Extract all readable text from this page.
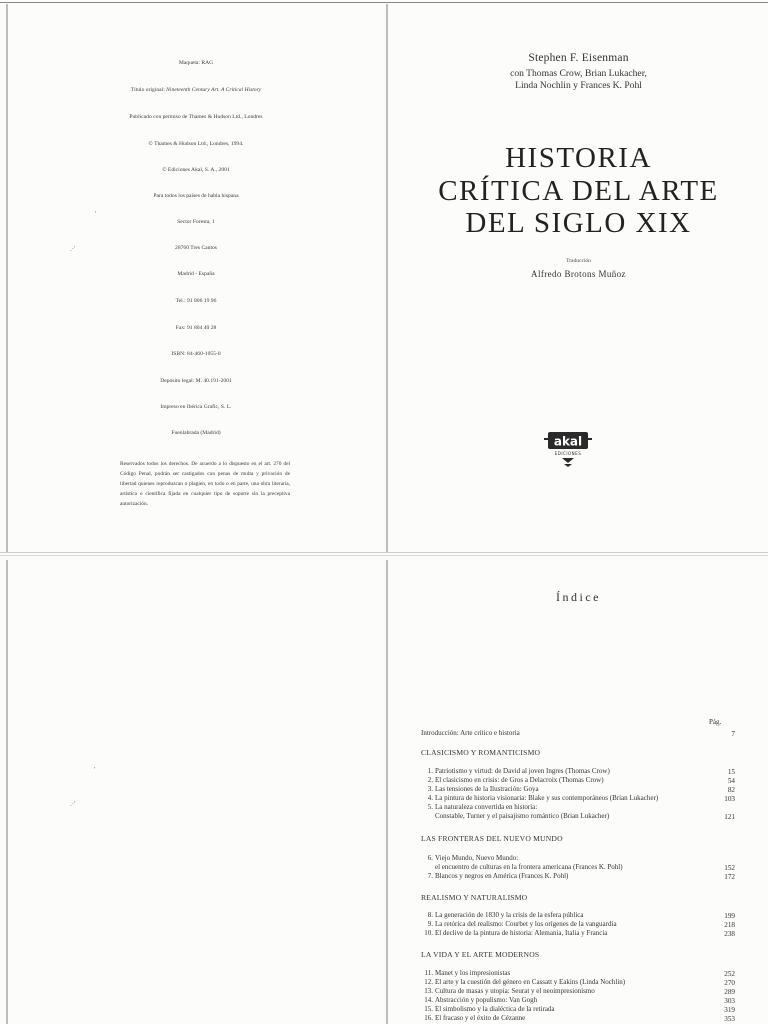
Maqueta: RAG
Título original: Nineteenth Century Art. A Critical History
Publicado con permiso de Thames & Hudson Ltd., Londres
© Thames & Hudson Ltd., Londres, 1994.
© Ediciones Akal, S. A., 2001
Para todos los países de habla hispana
Sector Foresta, 1
28760 Tres Cantos
Madrid - España
Tel.: 91 806 19 96
Fax: 91 804 40 28
ISBN: 84-460-1055-0
Depósito legal: M. 40.191-2001
Impreso en Ibérica Grafic, S. L.
Fuenlabrada (Madrid)
Reservados todos los derechos. De acuerdo a lo dispuesto en el art. 270 del Código Penal, podrán ser castigados con penas de multa y privación de libertad quienes reproduzcan o plagien, en todo o en parte, una obra literaria, artística o científica fijada en cualquier tipo de soporte sin la preceptiva autorización.
'
.·'
Stephen F. Eisenman
con Thomas Crow, Brian Lukacher,
Linda Nochlin y Frances K. Pohl
HISTORIA
CRÍTICA DEL ARTE
DEL SIGLO XIX
Traducción
Alfredo Brotons Muñoz
akal
EDICIONES
'
.·'
Índice
Pág.
Introducción: Arte crítico e historia	7
CLASICISMO Y ROMANTICISMO
1. Patriotismo y virtud: de David al joven Ingres (Thomas Crow)	15
2. El clasicismo en crisis: de Gros a Delacroix (Thomas Crow)	54
3. Las tensiones de la Ilustración: Goya	82
4. La pintura de historia visionaria: Blake y sus contemporáneos (Brian Lukacher)	103
5. La naturaleza convertida en historia:
Constable, Turner y el paisajismo romántico (Brian Lukacher)	121
LAS FRONTERAS DEL NUEVO MUNDO
6. Viejo Mundo, Nuevo Mundo:
el encuentro de culturas en la frontera americana (Frances K. Pohl)	152
7. Blancos y negros en América (Frances K. Pohl)	172
REALISMO Y NATURALISMO
8. La generación de 1830 y la crisis de la esfera pública	199
9. La retórica del realismo: Courbet y los orígenes de la vanguardia	218
10. El declive de la pintura de historia: Alemania, Italia y Francia	238
LA VIDA Y EL ARTE MODERNOS
11. Manet y los impresionistas	252
12. El arte y la cuestión del género en Cassatt y Eakins (Linda Nochlin)	270
13. Cultura de masas y utopía: Seurat y el neoimpresionismo	289
14. Abstracción y populismo: Van Gogh	303
15. El simbolismo y la dialéctica de la retirada	319
16. El fracaso y el éxito de Cézanne	353
